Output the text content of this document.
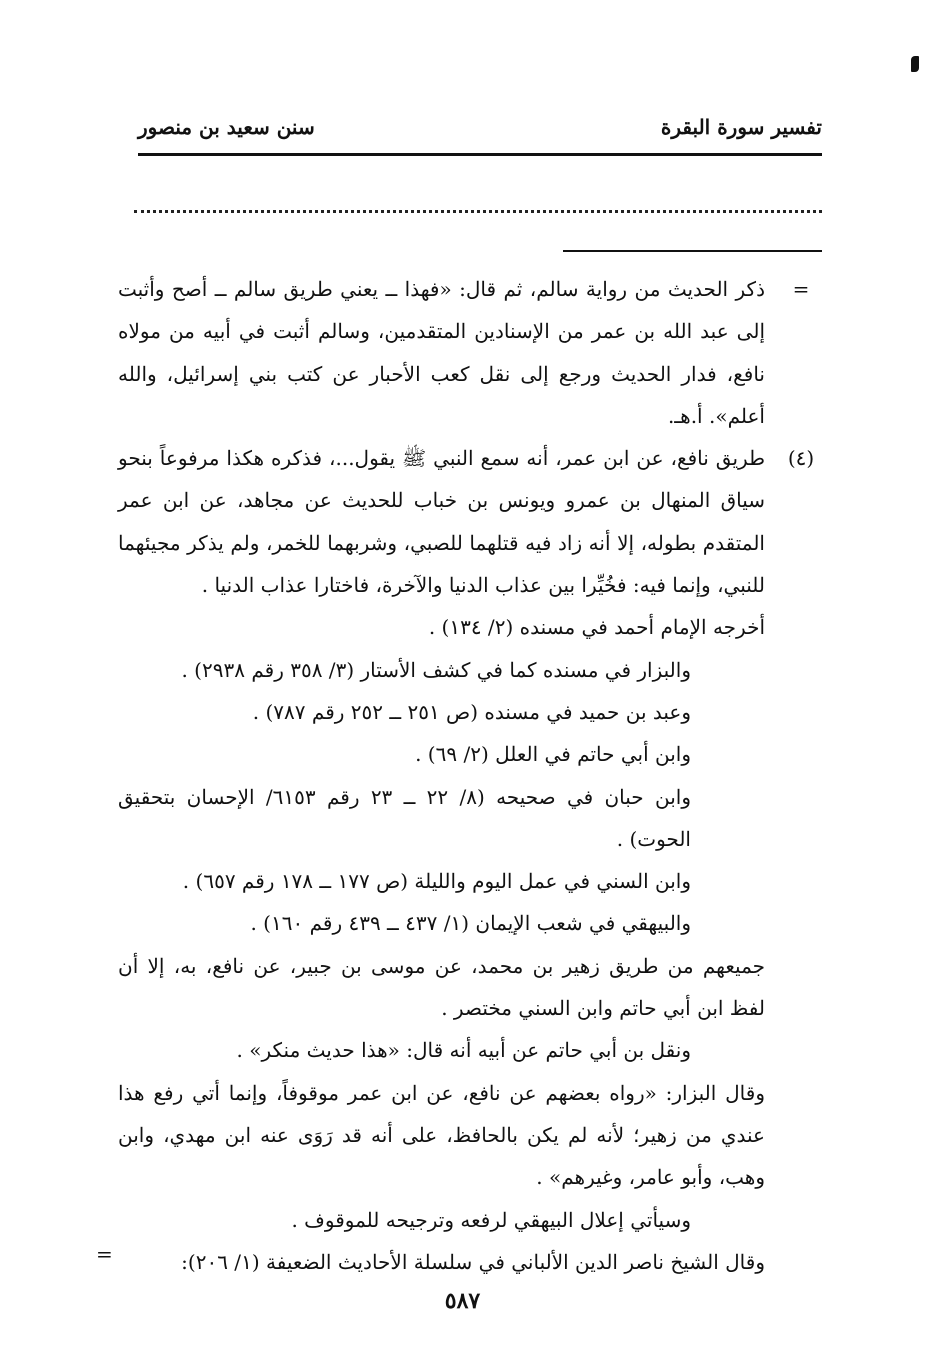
تفسير سورة البقرة
سنن سعيد بن منصور
=

ذكر الحديث من رواية سالم، ثم قال: «فهذا ــ يعني طريق سالم ــ أصح وأثبت إلى عبد الله بن عمر من الإسنادين المتقدمين، وسالم أثبت في أبيه من مولاه نافع، فدار الحديث ورجع إلى نقل كعب الأحبار عن كتب بني إسرائيل، والله أعلم». أ.هـ.

(٤)

طريق نافع، عن ابن عمر، أنه سمع النبي ﷺ يقول...، فذكره هكذا مرفوعاً بنحو سياق المنهال بن عمرو ويونس بن خباب للحديث عن مجاهد، عن ابن عمر المتقدم بطوله، إلا أنه زاد فيه قتلهما للصبي، وشربهما للخمر، ولم يذكر مجيئهما للنبي، وإنما فيه: فخُيِّرا بين عذاب الدنيا والآخرة، فاختارا عذاب الدنيا .

أخرجه الإمام أحمد في مسنده (٢/ ١٣٤) .

والبزار في مسنده كما في كشف الأستار (٣/ ٣٥٨ رقم ٢٩٣٨) .

وعبد بن حميد في مسنده (ص ٢٥١ ــ ٢٥٢ رقم ٧٨٧) .

وابن أبي حاتم في العلل (٢/ ٦٩) .

وابن حبان في صحيحه (٨/ ٢٢ ــ ٢٣ رقم ٦١٥٣/ الإحسان بتحقيق الحوت) .

وابن السني في عمل اليوم والليلة (ص ١٧٧ ــ ١٧٨ رقم ٦٥٧) .

والبيهقي في شعب الإيمان (١/ ٤٣٧ ــ ٤٣٩ رقم ١٦٠) .

جميعهم من طريق زهير بن محمد، عن موسى بن جبير، عن نافع، به، إلا أن لفظ ابن أبي حاتم وابن السني مختصر .

ونقل بن أبي حاتم عن أبيه أنه قال: «هذا حديث منكر» .

وقال البزار: «رواه بعضهم عن نافع، عن ابن عمر موقوفاً، وإنما أتي رفع هذا عندي من زهير؛ لأنه لم يكن بالحافظ، على أنه قد رَوَى عنه ابن مهدي، وابن وهب، وأبو عامر، وغيرهم» .

وسيأتي إعلال البيهقي لرفعه وترجيحه للموقوف .

وقال الشيخ ناصر الدين الألباني في سلسلة الأحاديث الضعيفة (١/ ٢٠٦):

=
٥٨٧
